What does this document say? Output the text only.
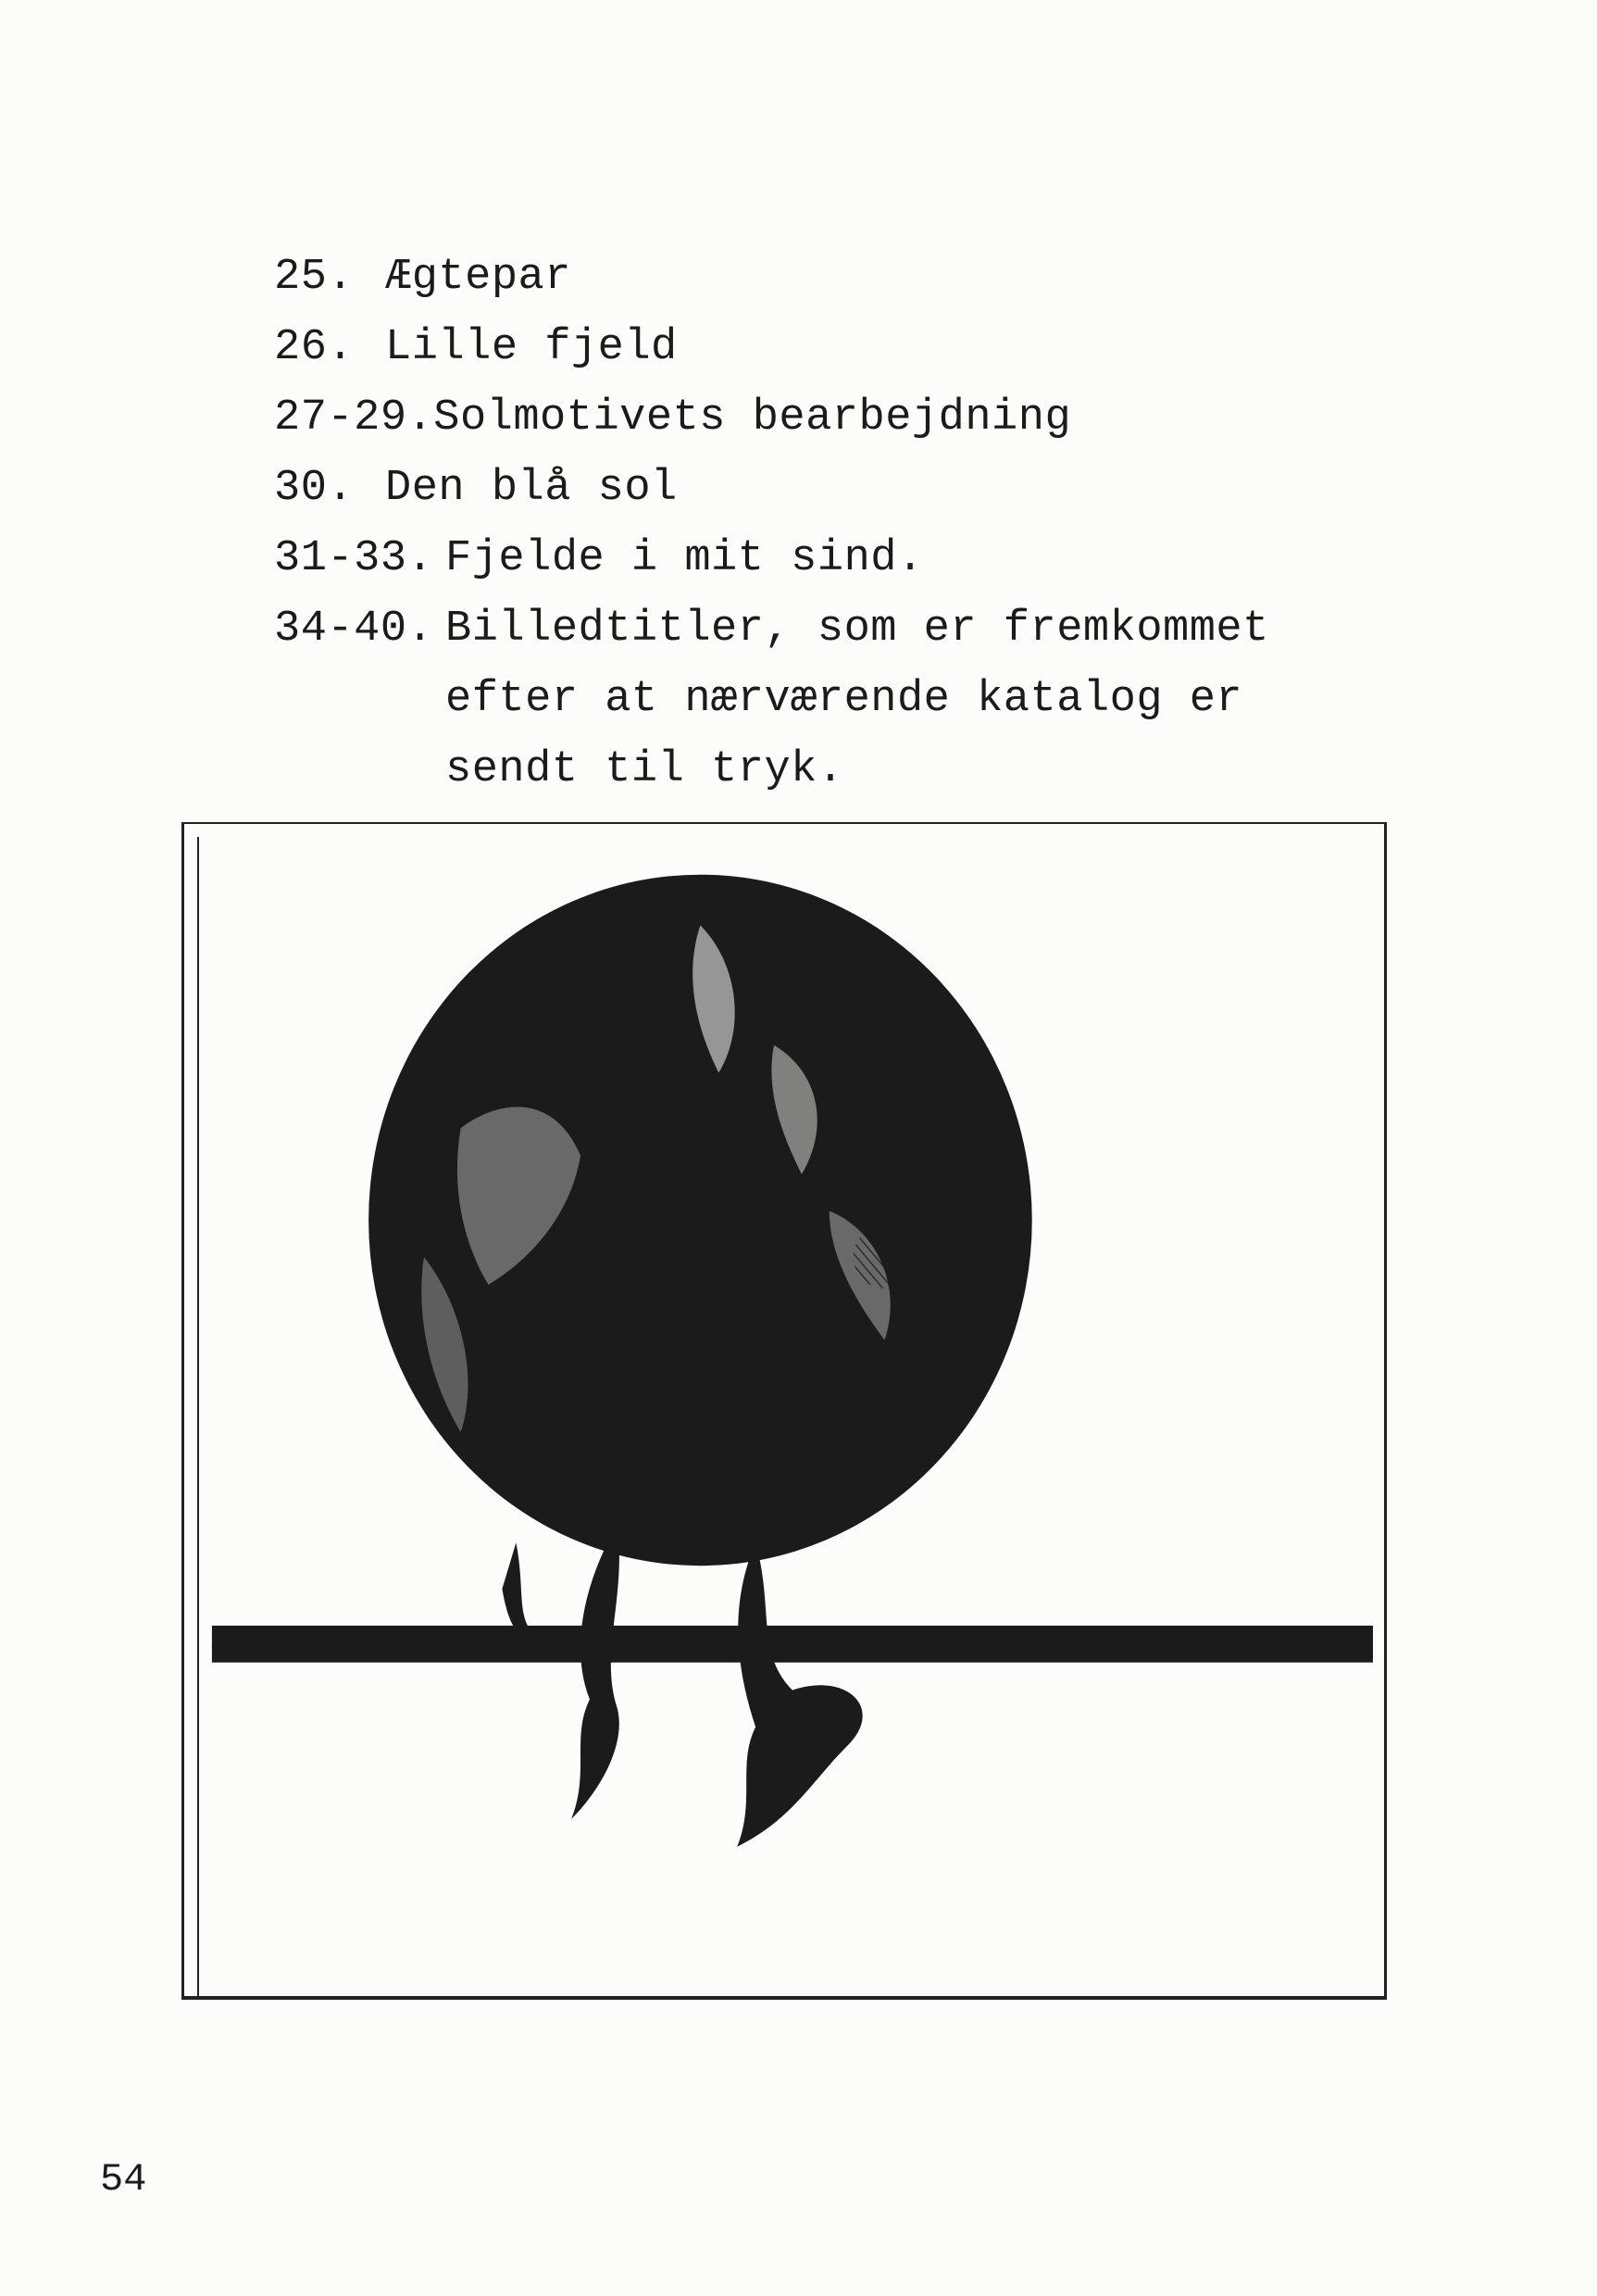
25. Ægtepar
26. Lille fjeld
27-29. Solmotivets bearbejdning
30. Den blå sol
31-33.
Fjelde i mit sind.
34-40.
Billedtitler, som er fremkommet efter at nærværende katalog er sendt til tryk.
54
